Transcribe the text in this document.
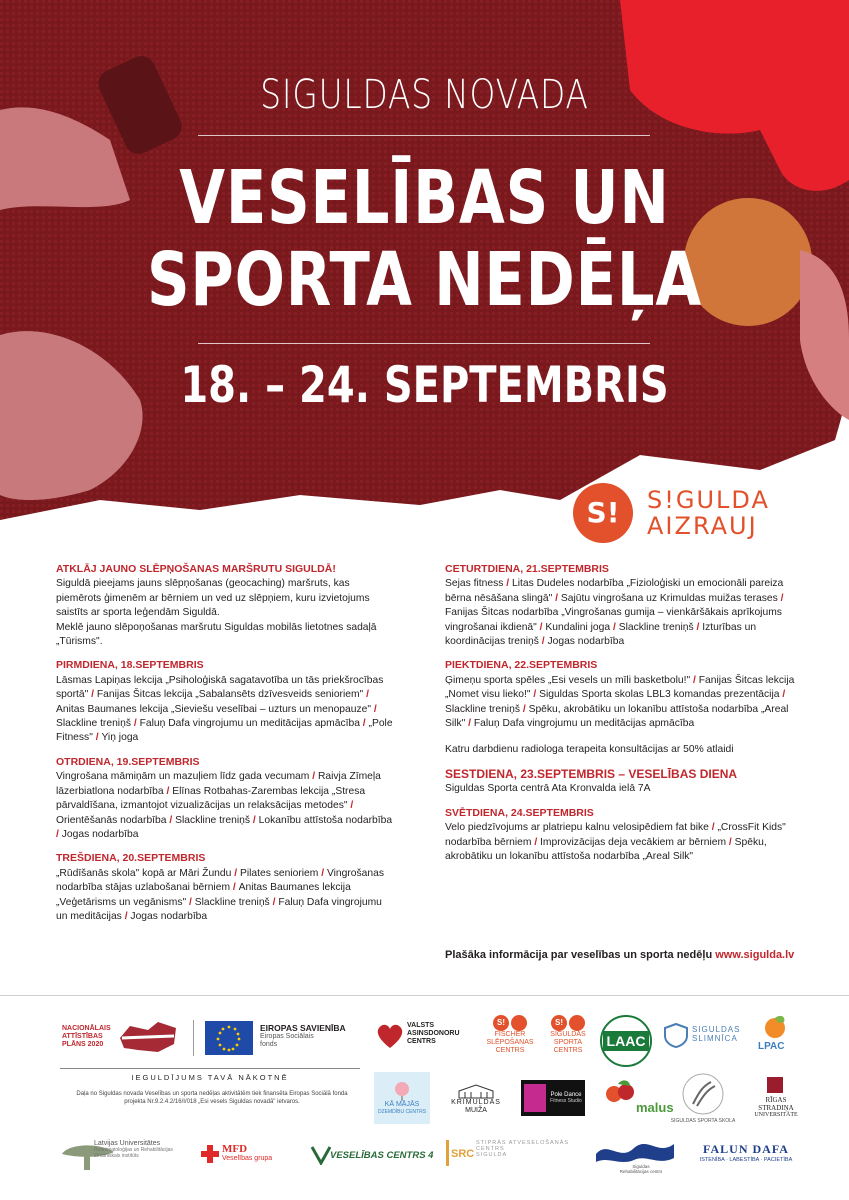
SIGULDAS NOVADA
VESELĪBAS UN
SPORTA NEDĒĻA
18. – 24. SEPTEMBRIS
S!	S!GULDA
AIZRAUJ
ATKLĀJ JAUNO SLĒPŅOŠANAS MARŠRUTU SIGULDĀ!

Siguldā pieejams jauns slēpņošanas (geocaching) maršruts, kas piemērots ģimenēm ar bērniem un ved uz slēpņiem, kuru izvietojums saistīts ar sporta leģendām Siguldā.

Meklē jauno slēpoņošanas maršrutu Siguldas mobilās lietotnes sadaļā „Tūrisms".

PIRMDIENA, 18.SEPTEMBRIS

Lāsmas Lapiņas lekcija „Psiholoģiskā sagatavotība un tās priekšrocības sportā" / Fanijas Šitcas lekcija „Sabalansēts dzīvesveids senioriem" / Anitas Baumanes lekcija „Sieviešu veselībai – uzturs un menopauze" / Slackline treniņš / Faluņ Dafa vingrojumu un meditācijas apmācība / „Pole Fitness" / Yiņ joga

OTRDIENA, 19.SEPTEMBRIS

Vingrošana māmiņām un mazuļiem līdz gada vecumam / Raivja Zīmeļa lāzerbiatlona nodarbība / Elīnas Rotbahas-Zarembas lekcija „Stresa pārvaldīšana, izmantojot vizualizācijas un relaksācijas metodes" / Orientēšanās nodarbība / Slackline treniņš / Lokanību attīstoša nodarbība / Jogas nodarbība

TREŠDIENA, 20.SEPTEMBRIS

„Rūdīšanās skola" kopā ar Māri Žundu / Pilates senioriem / Vingrošanas nodarbība stājas uzlabošanai bērniem / Anitas Baumanes lekcija „Veģetārisms un vegānisms" / Slackline treniņš / Faluņ Dafa vingrojumu un meditācijas / Jogas nodarbība

CETURTDIENA, 21.SEPTEMBRIS

Sejas fitness / Litas Dudeles nodarbība „Fizioloģiski un emocionāli pareiza bērna nēsāšana slingā" / Sajūtu vingrošana uz Krimuldas muižas terases / Fanijas Šitcas nodarbība „Vingrošanas gumija – vienkāršākais aprīkojums vingrošanai ikdienā" / Kundalini joga / Slackline treniņš / Izturības un koordinācijas treniņš / Jogas nodarbība

PIEKTDIENA, 22.SEPTEMBRIS

Ģimeņu sporta spēles „Esi vesels un mīli basketbolu!" / Fanijas Šitcas lekcija „Nomet visu lieko!" / Siguldas Sporta skolas LBL3 komandas prezentācija / Slackline treniņš / Spēku, akrobātiku un lokanību attīstoša nodarbība „Areal Silk" / Faluņ Dafa vingrojumu un meditācijas apmācība

Katru darbdienu radiologa terapeita konsultācijas ar 50% atlaidi

SESTDIENA, 23.SEPTEMBRIS – VESELĪBAS DIENA

Siguldas Sporta centrā Ata Kronvalda ielā 7A

SVĒTDIENA, 24.SEPTEMBRIS

Velo piedzīvojums ar platriepu kalnu velosipēdiem fat bike / „CrossFit Kids" nodarbība bērniem / Improvizācijas deja vecākiem ar bērniem / Spēku, akrobātiku un lokanību attīstoša nodarbība „Areal Silk"

Plašāka informācija par veselības un sporta nedēļu www.sigulda.lv
NACIONĀLAIS
ATTĪSTĪBAS
PLĀNS 2020
EIROPAS SAVIENĪBA
Eiropas Sociālais
fonds
IEGULDĪJUMS TAVĀ NĀKOTNĒ
Daļa no Siguldas novada Veselības un sporta nedēļas aktivitātēm tiek finansēta Eiropas Sociālā fonda projekta Nr.9.2.4.2/16/I/018 „Esi vesels Siguldas novadā" ietvaros.
VALSTS
ASINSDONORU
CENTRS
S!
FISCHER
SLĒPOŠANAS
CENTRS
S!
SIGULDAS
SPORTA
CENTRS
LAAC
SIGULDAS
SLIMNĪCA
LPAC
KĀ MĀJĀS
DZEMDĪBU CENTRS
KRIMULDAS
MUIŽA
Pole Dance
Fitness Studio	malus
SIGULDAS SPORTA SKOLA
RĪGAS
STRADIŅA
UNIVERSITĀTE
Latvijas Universitātes
Reanimatoloģijas un Rehabilitācijas
Zinātniskais institūts
MFD
Veselības grupa	VESELĪBAS CENTRS 4 SRC
STIPRĀS ATVESELOŠANĀS
CENTRS
SIGULDA
Siguldas
Rehabilitācijas centrs
FALUN DAFA
ISTENĪBA · LABESTĪBA · PACIETĪBA
